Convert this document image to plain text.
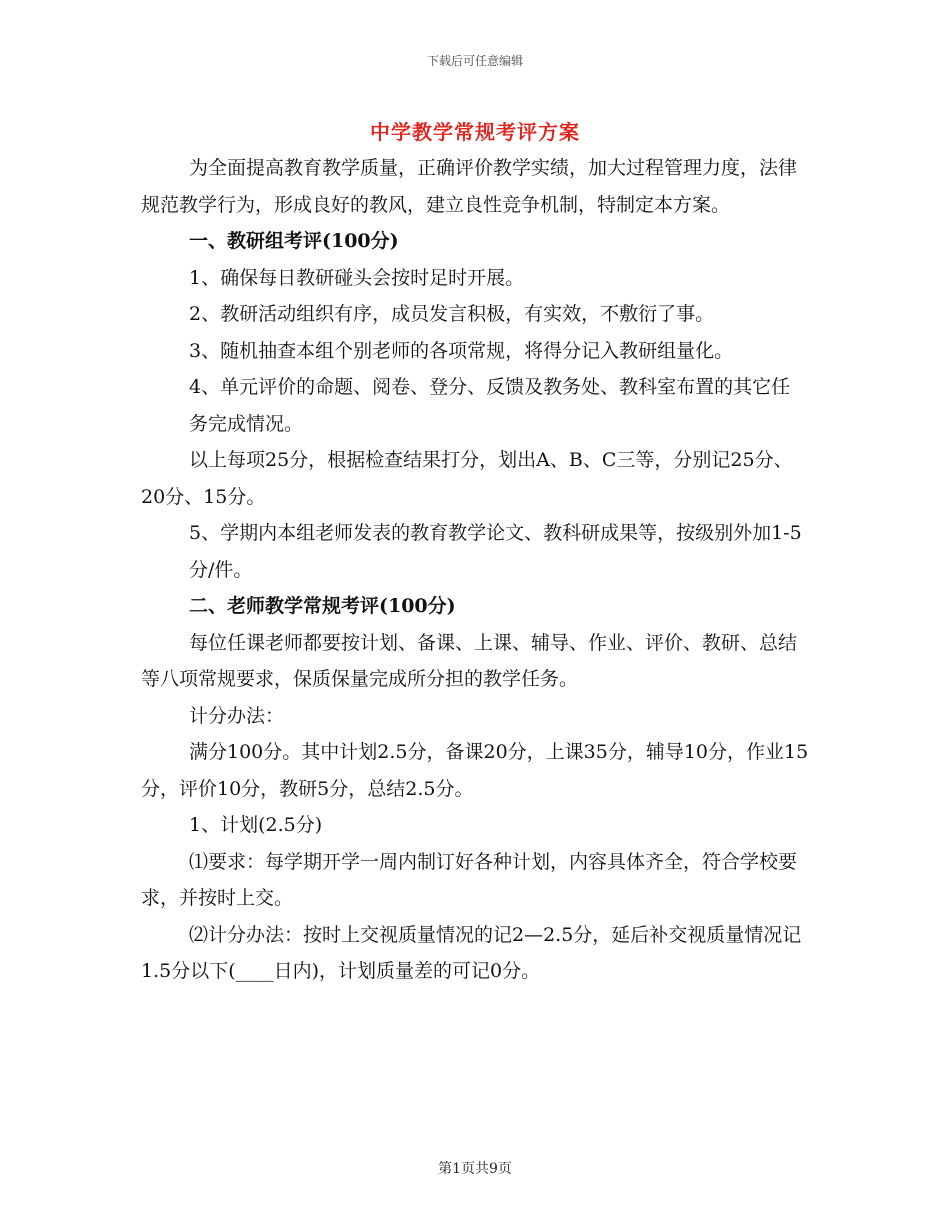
下载后可任意编辑
中学教学常规考评方案

为全面提高教育教学质量，正确评价教学实绩，加大过程管理力度，法律规范教学行为，形成良好的教风，建立良性竞争机制，特制定本方案。

一、教研组考评(100分)

1、确保每日教研碰头会按时足时开展。

2、教研活动组织有序，成员发言积极，有实效，不敷衍了事。

3、随机抽查本组个别老师的各项常规，将得分记入教研组量化。

4、单元评价的命题、阅卷、登分、反馈及教务处、教科室布置的其它任

务完成情况。

以上每项25分，根据检查结果打分，划出A、B、C三等，分别记25分、20分、15分。

5、学期内本组老师发表的教育教学论文、教科研成果等，按级别外加1-5

分/件。

二、老师教学常规考评(100分)

每位任课老师都要按计划、备课、上课、辅导、作业、评价、教研、总结等八项常规要求，保质保量完成所分担的教学任务。

计分办法：

满分100分。其中计划2.5分，备课20分，上课35分，辅导10分，作业15分，评价10分，教研5分，总结2.5分。

1、计划(2.5分)

⑴要求：每学期开学一周内制订好各种计划，内容具体齐全，符合学校要求，并按时上交。

⑵计分办法：按时上交视质量情况的记2—2.5分，延后补交视质量情况记1.5分以下(____日内)，计划质量差的可记0分。

第1页共9页
